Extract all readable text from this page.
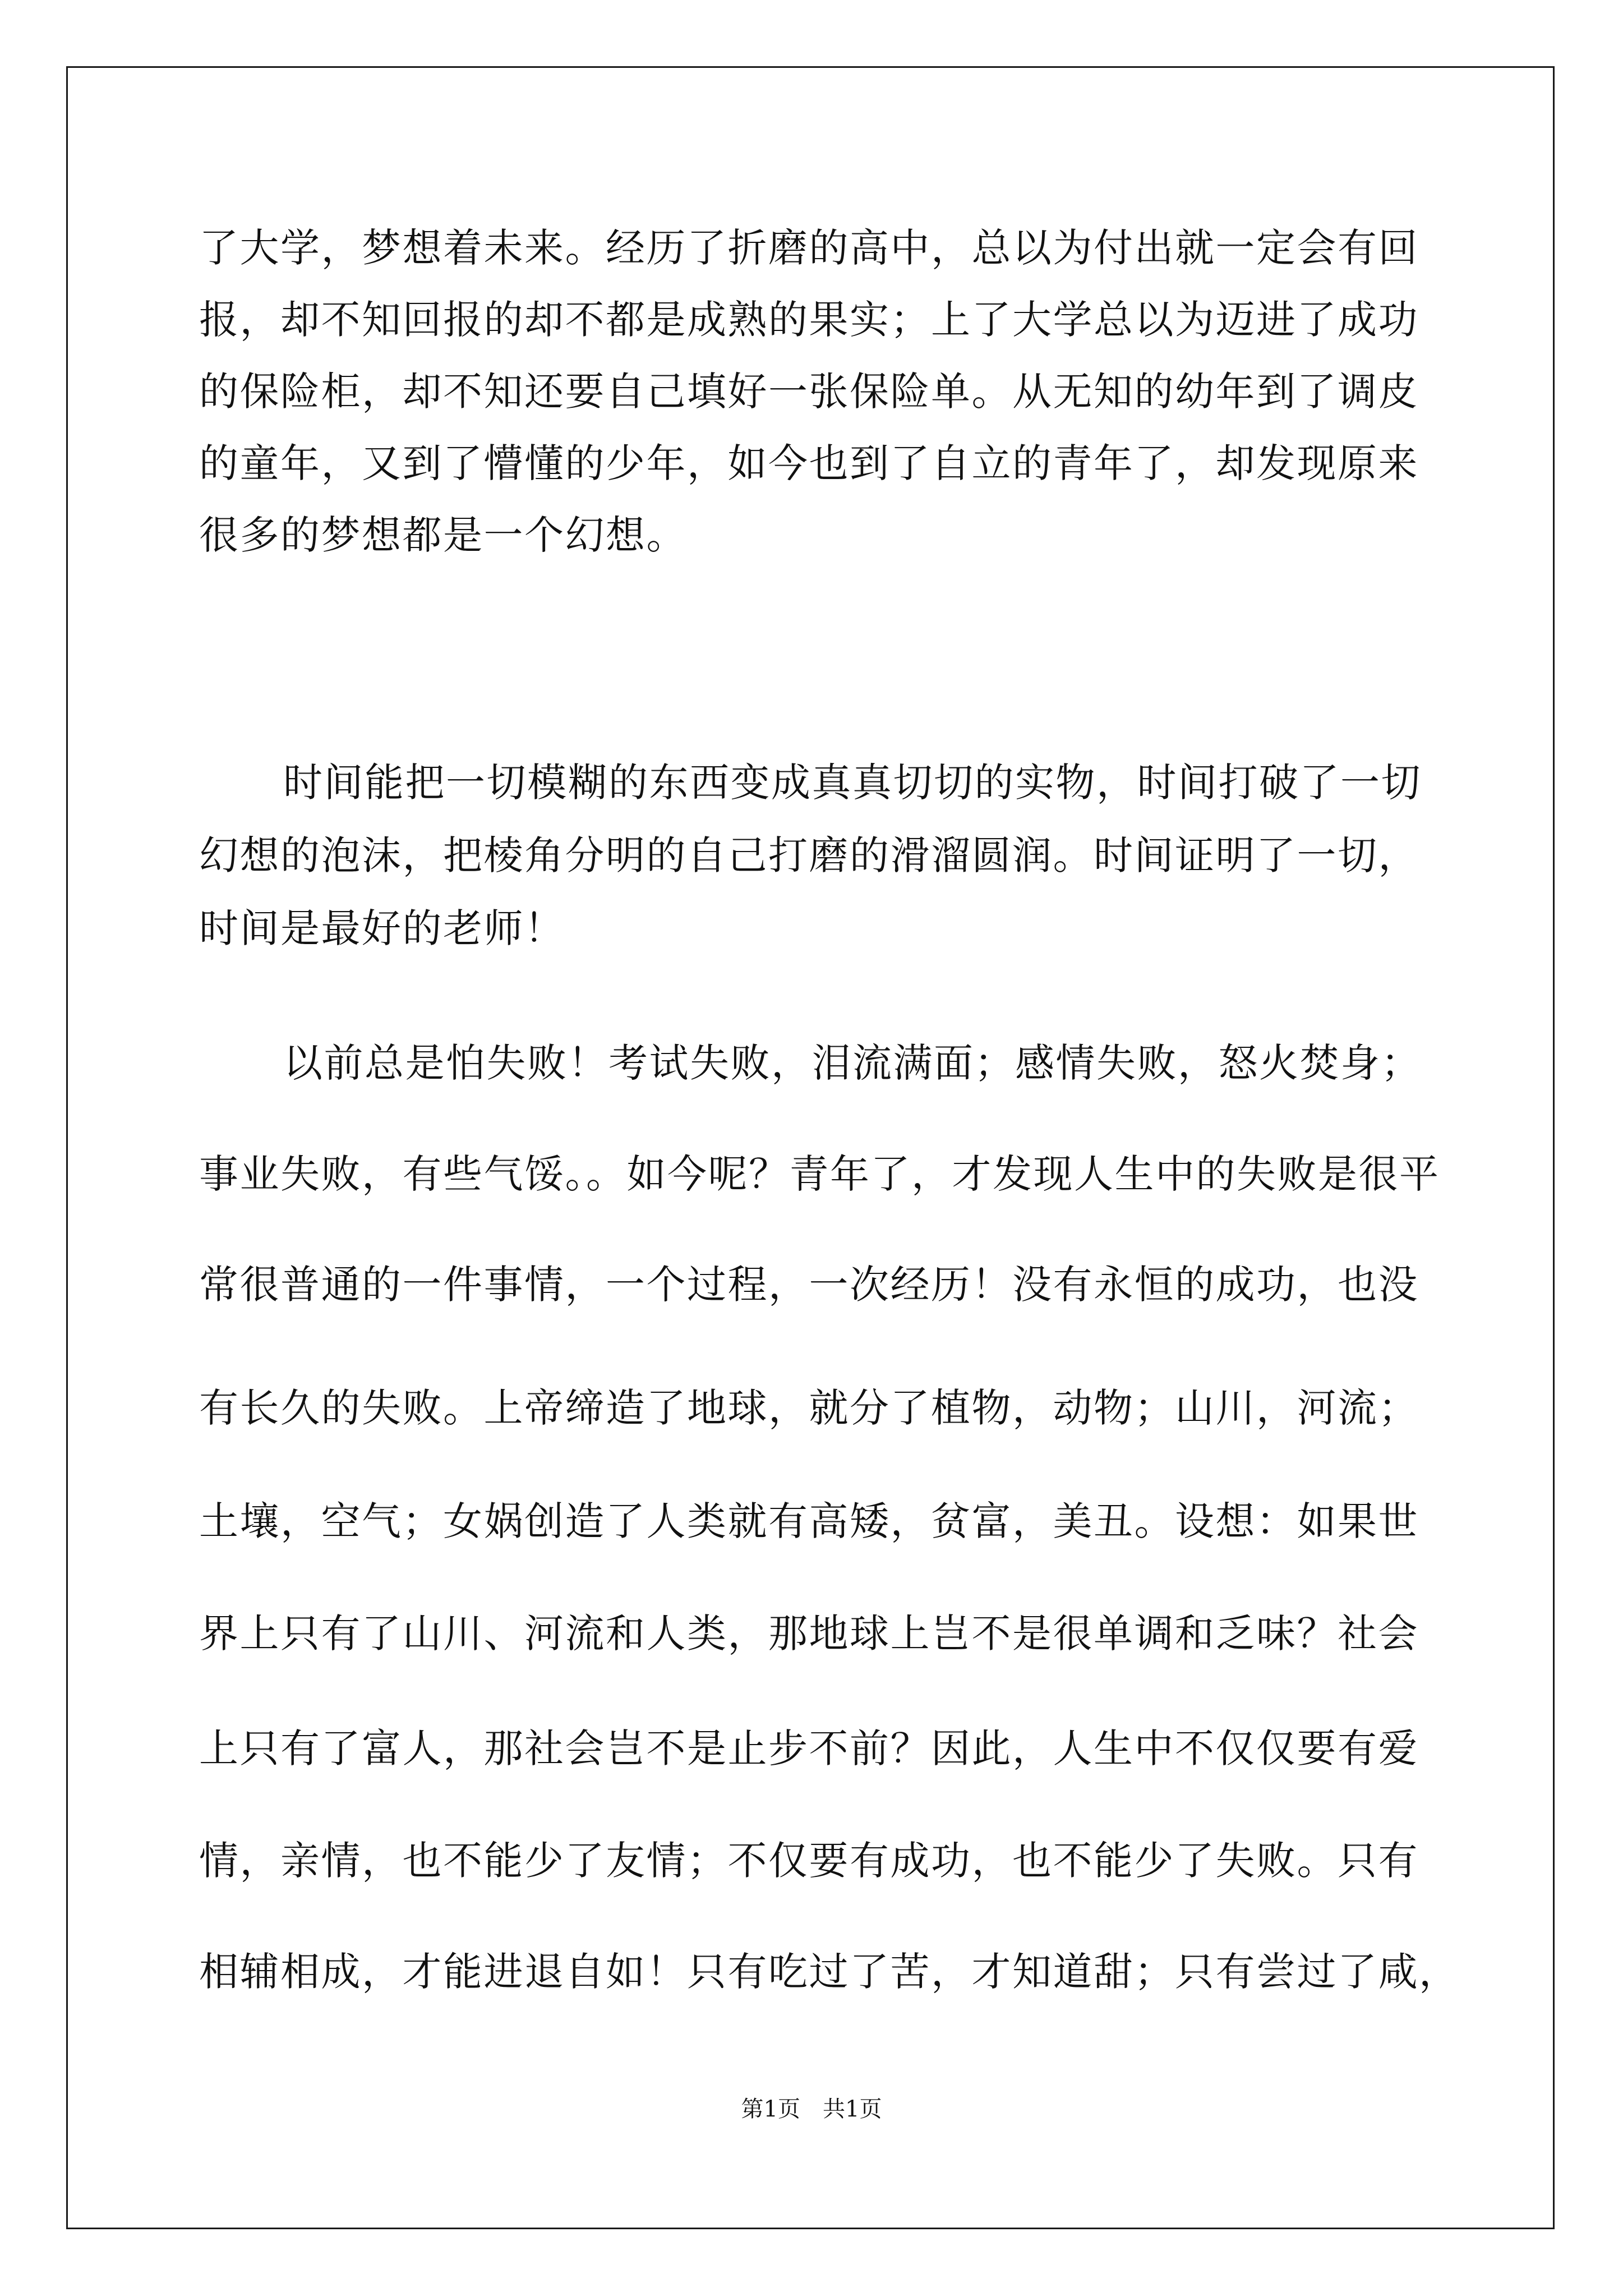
了大学，梦想着未来。经历了折磨的高中，总以为付出就一定会有回
报，却不知回报的却不都是成熟的果实；上了大学总以为迈进了成功
的保险柜，却不知还要自己填好一张保险单。从无知的幼年到了调皮
的童年，又到了懵懂的少年，如今也到了自立的青年了，却发现原来
很多的梦想都是一个幻想。
时间能把一切模糊的东西变成真真切切的实物，时间打破了一切
幻想的泡沫，把棱角分明的自己打磨的滑溜圆润。时间证明了一切，
时间是最好的老师！
以前总是怕失败！考试失败，泪流满面；感情失败，怒火焚身；
事业失败，有些气馁。。如今呢？青年了，才发现人生中的失败是很平
常很普通的一件事情，一个过程，一次经历！没有永恒的成功，也没
有长久的失败。上帝缔造了地球，就分了植物，动物；山川，河流；
土壤，空气；女娲创造了人类就有高矮，贫富，美丑。设想：如果世
界上只有了山川、河流和人类，那地球上岂不是很单调和乏味？社会
上只有了富人，那社会岂不是止步不前？因此，人生中不仅仅要有爱
情，亲情，也不能少了友情；不仅要有成功，也不能少了失败。只有
相辅相成，才能进退自如！只有吃过了苦，才知道甜；只有尝过了咸，
第1页　共1页
